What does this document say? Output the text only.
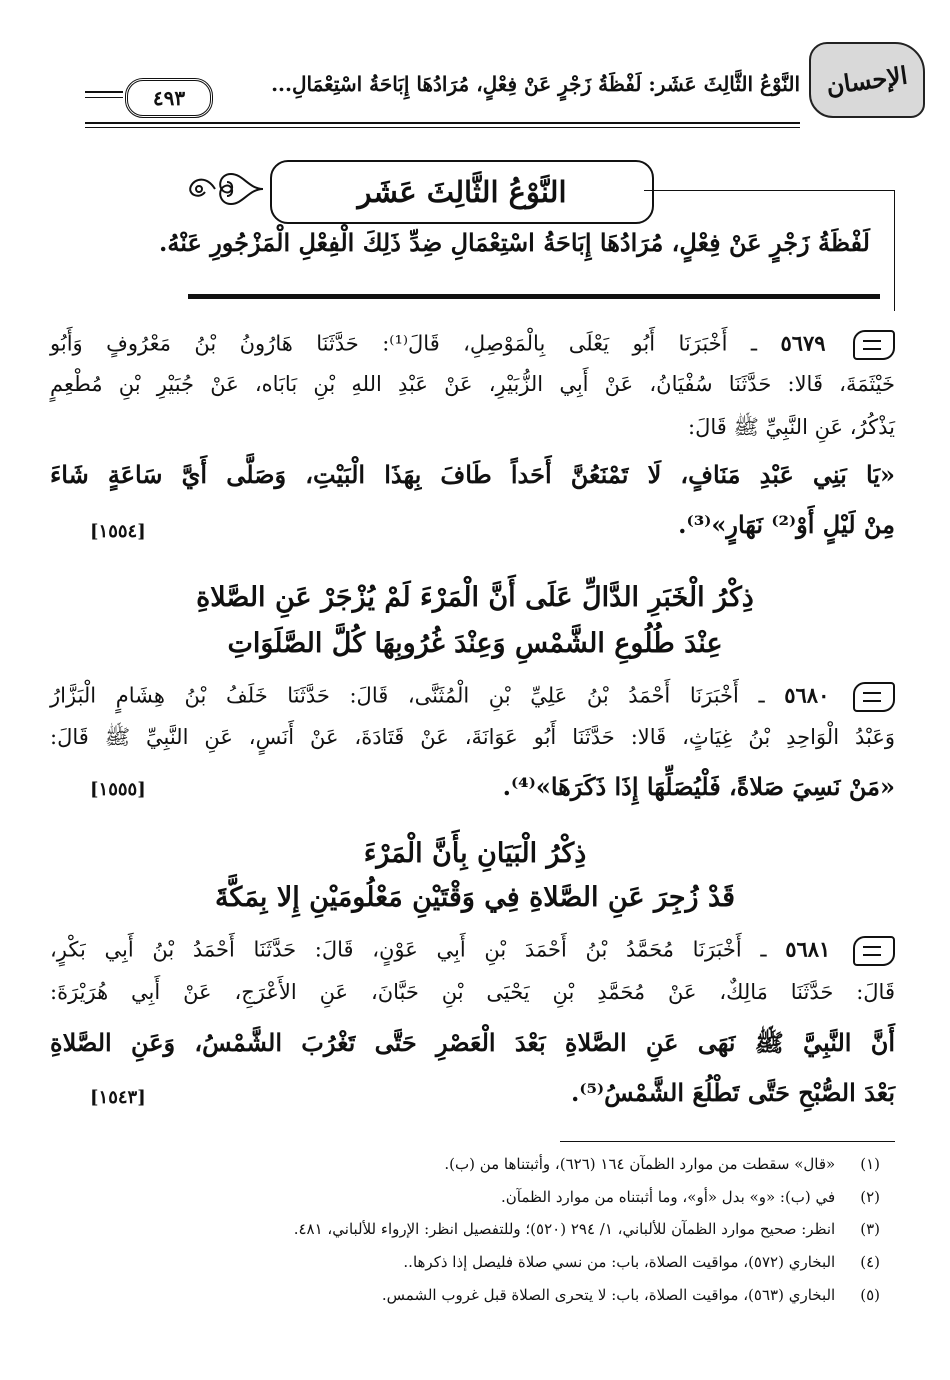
الإحسان
النَّوْعُ الثَّالِثَ عَشَر: لَفْظَةُ زَجْرٍ عَنْ فِعْلٍ، مُرَادُهَا إِبَاحَةُ اسْتِعْمَالِ...
٤٩٣
النَّوْعُ الثَّالِثَ عَشَر
لَفْظَةُ زَجْرٍ عَنْ فِعْلٍ، مُرَادُهَا إِبَاحَةُ اسْتِعْمَالِ ضِدِّ ذَلِكَ الْفِعْلِ الْمَزْجُورِ عَنْهُ.
٥٦٧٩ ـ أَخْبَرَنَا أَبُو يَعْلَى بِالْمَوْصِلِ، قَالَ⁽¹⁾: حَدَّثَنَا هَارُونُ بْنُ مَعْرُوفٍ وَأَبُو
خَيْثَمَةَ، قَالا: حَدَّثَنَا سُفْيَانُ، عَنْ أَبِي الزُّبَيْرِ، عَنْ عَبْدِ اللهِ بْنِ بَابَاه، عَنْ جُبَيْرِ بْنِ مُطْعِمٍ
يَذْكُرُ، عَنِ النَّبِيِّ ﷺ قَالَ:
«يَا بَنِي عَبْدِ مَنَافٍ، لَا تَمْنَعُنَّ أَحَداً طَافَ بِهَذَا الْبَيْتِ، وَصَلَّى أَيَّ سَاعَةٍ شَاءَ
مِنْ لَيْلٍ أَوْ⁽²⁾ نَهَارٍ»⁽³⁾.
[١٥٥٤]
ذِكْرُ الْخَبَرِ الدَّالِّ عَلَى أَنَّ الْمَرْءَ لَمْ يُزْجَرْ عَنِ الصَّلاةِ
عِنْدَ طُلُوعِ الشَّمْسِ وَعِنْدَ غُرُوبِهَا كُلَّ الصَّلَوَاتِ
٥٦٨٠ ـ أَخْبَرَنَا أَحْمَدُ بْنُ عَلِيِّ بْنِ الْمُثَنَّى، قَالَ: حَدَّثَنَا خَلَفُ بْنُ هِشَامٍ الْبَزَّارُ
وَعَبْدُ الْوَاحِدِ بْنُ غِيَاثٍ، قَالا: حَدَّثَنَا أَبُو عَوَانَةَ، عَنْ قَتَادَةَ، عَنْ أَنَسٍ، عَنِ النَّبِيِّ ﷺ قَالَ:
«مَنْ نَسِيَ صَلاةً، فَلْيُصَلِّهَا إِذَا ذَكَرَهَا»⁽⁴⁾.
[١٥٥٥]
ذِكْرُ الْبَيَانِ بِأَنَّ الْمَرْءَ
قَدْ زُجِرَ عَنِ الصَّلاةِ فِي وَقْتَيْنِ مَعْلُومَيْنِ إِلا بِمَكَّةَ
٥٦٨١ ـ أَخْبَرَنَا مُحَمَّدُ بْنُ أَحْمَدَ بْنِ أَبِي عَوْنٍ، قَالَ: حَدَّثَنَا أَحْمَدُ بْنُ أَبِي بَكْرٍ،
قَالَ: حَدَّثَنَا مَالِكٌ، عَنْ مُحَمَّدِ بْنِ يَحْيَى بْنِ حَبَّانَ، عَنِ الأَعْرَجِ، عَنْ أَبِي هُرَيْرَةَ:
أَنَّ النَّبِيَّ ﷺ نَهَى عَنِ الصَّلاةِ بَعْدَ الْعَصْرِ حَتَّى تَغْرُبَ الشَّمْسُ، وَعَنِ الصَّلاةِ
بَعْدَ الصُّبْحِ حَتَّى تَطْلُعَ الشَّمْسُ⁽⁵⁾.
[١٥٤٣]
(١) «قال» سقطت من موارد الظمآن ١٦٤ (٦٢٦)، وأثبتناها من (ب).
(٢) في (ب): «و» بدل «أو»، وما أثبتناه من موارد الظمآن.
(٣) انظر: صحيح موارد الظمآن للألباني، ١/ ٢٩٤ (٥٢٠)؛ وللتفصيل انظر: الإرواء للألباني، ٤٨١.
(٤) البخاري (٥٧٢)، مواقيت الصلاة، باب: من نسي صلاة فليصل إذا ذكرها..
(٥) البخاري (٥٦٣)، مواقيت الصلاة، باب: لا يتحرى الصلاة قبل غروب الشمس.
